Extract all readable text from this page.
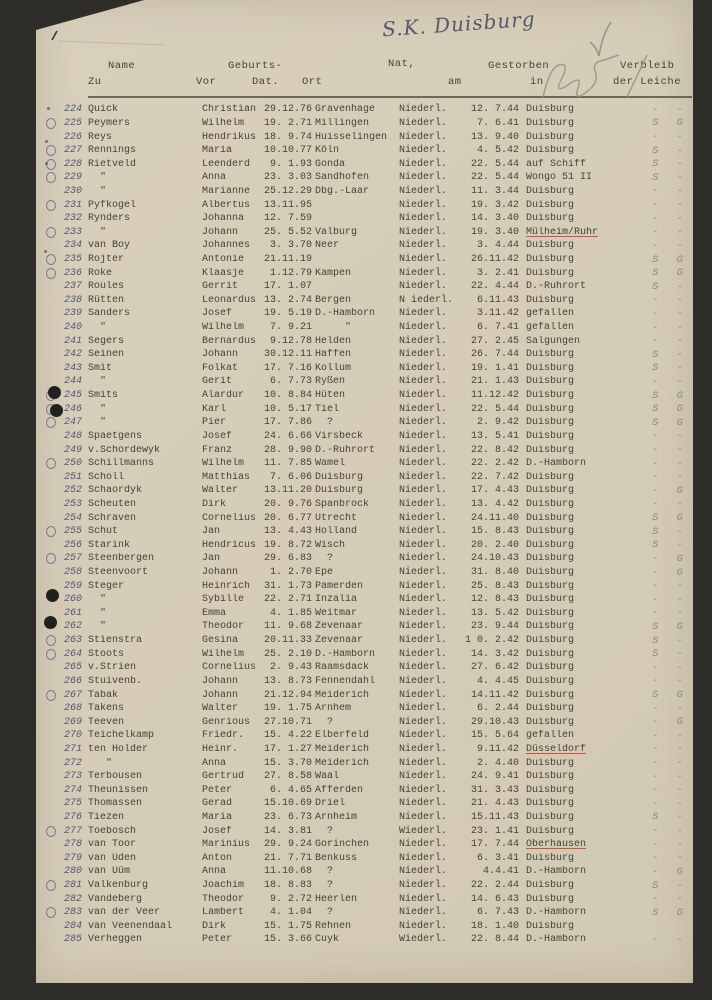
S.K. Duisburg
Name	Geburts-	Nat,	Gestorben	Verbleib
Zu	Vor	Dat. Ort	am	in	der Leiche
224 Quick	Christian 29.12.76 Gravenhage	Niederl.	12. 7.44 Duisburg	- -
225 Peymers	Wilhelm	19. 2.71 Millingen	Niederl.	7. 6.41 Duisburg	S G
226 Reys	Hendrikus 18. 9.74 Huisselingen	Niederl.	13. 9.40 Duisburg	- -
227 Rennings	Maria	10.10.77 Köln	Niederl.	4. 5.42 Duisburg	S -
228 Rietveld	Leenderd	9. 1.93 Gonda	Niederl.	22. 5.44 auf Schiff	S -
229 "	Anna	23. 3.03 Sandhofen	Niederl.	22. 5.44 Wongo 51 II	S -
230 "	Marianne	25.12.29 Dbg.-Laar	Niederl.	11. 3.44 Duisburg	- -
231 Pyfkogel	Albertus	13.11.95	Niederl.	19. 3.42 Duisburg	- -
232 Rynders	Johanna	12. 7.59	Niederl.	14. 3.40 Duisburg	- -
233 "	Johann	25. 5.52 Valburg	Niederl.	19. 3.40 Mülheim/Ruhr	- -
234 van Boy	Johannes	3. 3.70 Neer	Niederl.	3. 4.44 Duisburg	- -
235 Rojter	Antonie	21.11.19	Niederl.	26.11.42 Duisburg	S G
236 Roke	Klaasje	1.12.79 Kampen	Niederl.	3. 2.41 Duisburg	S G
237 Roules	Gerrit	17. 1.07	Niederl.	22. 4.44 D.-Ruhrort	S -
238 Rütten	Leonardus 13. 2.74 Bergen	N iederl.	6.11.43 Duisburg	- -
239 Sanders	Josef	19. 5.19 D.-Hamborn	Niederl.	3.11.42 gefallen	- -
240 "	Wilhelm	7. 9.21 "	Niederl.	6. 7.41 gefallen	- -
241 Segers	Bernardus	9.12.78 Helden	Niederl.	27. 2.45 Salgungen	- -
242 Seinen	Johann	30.12.11 Haffen	Niederl.	26. 7.44 Duisburg	S -
243 Smit	Folkat	17. 7.16 Kollum	Niederl.	19. 1.41 Duisburg	S -
244 "	Gerit	6. 7.73 Ryßen	Niederl.	21. 1.43 Duisburg	- -
245 Smits	Alardur	10. 8.84 Hüten	Niederl.	11.12.42 Duisburg	S G
246 "	Karl	10. 5.17 Tiel	Niederl.	22. 5.44 Duisburg	S G
247 "	Pier	17. 7.86 ?	Niederl.	2. 9.42 Duisburg	S G
248 Spaetgens	Josef	24. 6.66 Virsbeck	Niederl.	13. 5.41 Duisburg	- -
249 v.Schordewyk	Franz	28. 9.90 D.-Ruhrort	Niederl.	22. 8.42 Duisburg	- -
250 Schillmanns	Wilhelm	11. 7.85 Wamel	Niederl.	22. 2.42 D.-Hamborn	- -
251 Scholl	Matthias	7. 6.06 Duisburg	Niederl.	22. 7.42 Duisburg	- -
252 Schaordyk	Walter	13.11.20 Duisburg	Niederl.	17. 4.43 Duisburg	- G
253 Scheuten	Dirk	20. 9.76 Spanbrock	Niederl.	13. 4.42 Duisburg	- -
254 Schraven	Cornelius 20. 6.77 Utrecht	Niederl.	24.11.40 Duisburg	S G
255 Schut	Jan	13. 4.43 Holland	Niederl.	15. 8.43 Duisburg	S -
256 Starink	Hendricus 19. 8.72 Wisch	Niederl.	20. 2.40 Duisburg	S -
257 Steenbergen	Jan	29. 6.83 ?	Niederl.	24.10.43 Duisburg	- G
258 Steenvoort	Johann	1. 2.70 Epe	Niederl.	31. 8.40 Duisburg	- G
259 Steger	Heinrich	31. 1.73 Pamerden	Niederl.	25. 8.43 Duisburg	- -
260 "	Sybille	22. 2.71 Inzalia	Niederl.	12. 8.43 Duisburg	- -
261 "	Emma	4. 1.85 Weitmar	Niederl.	13. 5.42 Duisburg	- -
262 "	Theodor	11. 9.68 Zevenaar	Niederl.	23. 9.44 Duisburg	S G
263 Stienstra	Gesina	20.11.33 Zevenaar	Niederl.	1 0. 2.42 Duisburg	S -
264 Stoots	Wilhelm	25. 2.10 D.-Hamborn	Niederl.	14. 3.42 Duisburg	S -
265 v.Strien	Cornelius	2. 9.43 Raamsdack	Niederl.	27. 6.42 Duisburg	- -
266 Stuivenb.	Johann	13. 8.73 Fennendahl	Niederl.	4. 4.45 Duisburg	- -
267 Tabak	Johann	21.12.94 Meiderich	Niederl.	14.11.42 Duisburg	S G
268 Takens	Walter	19. 1.75 Arnhem	Niederl.	6. 2.44 Duisburg	- -
269 Teeven	Genrious	27.10.71 ?	Niederl.	29.10.43 Duisburg	- G
270 Teichelkamp	Friedr.	15. 4.22 Elberfeld	Niederl.	15. 5.64 gefallen	- -
271 ten Holder	Heinr.	17. 1.27 Meiderich	Niederl.	9.11.42 Düsseldorf	- -
272 "	Anna	15. 3.70 Meiderich	Niederl.	2. 4.40 Duisburg	- -
273 Terbousen	Gertrud	27. 8.58 Waal	Niederl.	24. 9.41 Duisburg	- -
274 Theunissen	Peter	6. 4.65 Afferden	Niederl.	31. 3.43 Duisburg	- -
275 Thomassen	Gerad	15.10.69 Driel	Niederl.	21. 4.43 Duisburg	- -
276 Tiezen	Maria	23. 6.73 Arnheim	Niederl.	15.11.43 Duisburg	S -
277 Toebosch	Josef	14. 3.81 ?	Wiederl.	23. 1.41 Duisburg	- -
278 van Toor	Marinius	29. 9.24 Gorinchen	Niederl.	17. 7.44 Oberhausen	- -
279 van Uden	Anton	21. 7.71 Benkuss	Niederl.	6. 3.41 Duisburg	- -
280 van Uüm	Anna	11.10.68 ?	Niederl.	4.4.41 D.-Hamborn	- G
281 Valkenburg	Joachim	18. 8.83 ?	Niederl.	22. 2.44 Duisburg	S -
282 Vandeberg	Theodor	9. 2.72 Heerlen	Niederl.	14. 6.43 Duisburg	- -
283 van der Veer	Lambert	4. 1.04 ?	Niederl.	6. 7.43 D.-Hamborn	S G
284 van Veenendaal	Dirk	15. 1.75 Rehnen	Niederl.	18. 1.40 Duisburg
285 Verheggen	Peter	15. 3.66 Cuyk	Wiederl.	22. 8.44 D.-Hamborn	- -
